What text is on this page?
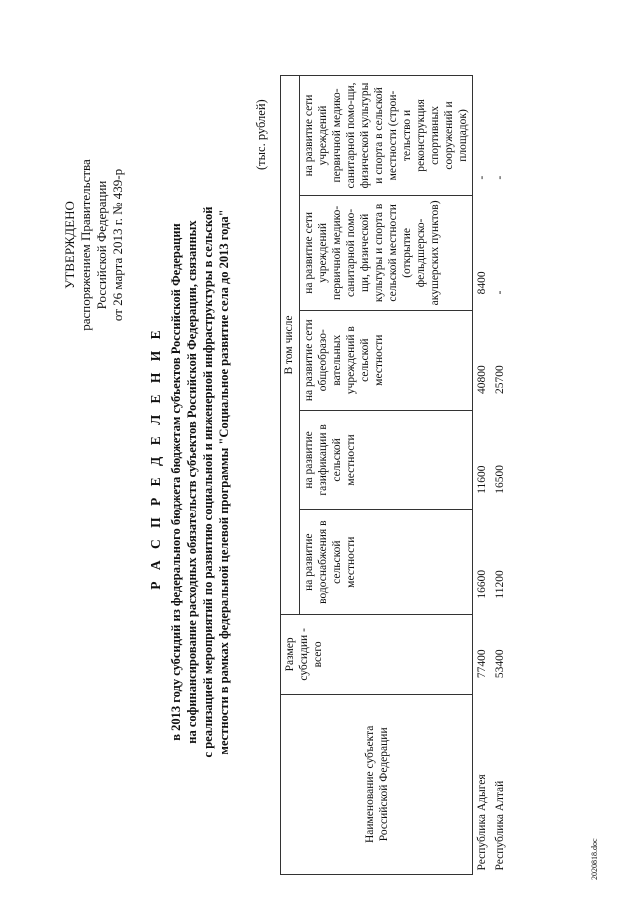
УТВЕРЖДЕНО распоряжением Правительства Российской Федерации от 26 марта 2013 г. № 439-р
Р А С П Р Е Д Е Л Е Н И Е в 2013 году субсидий из федерального бюджета бюджетам субъектов Российской Федерации на софинансирование расходных обязательств субъектов Российской Федерации, связанных с реализацией мероприятий по развитию социальной и инженерной инфраструктуры в сельской местности в рамках федеральной целевой программы "Социальное развитие села до 2013 года"
(тыс. рублей)
Наименование субъекта Российской Федерации	Размер субсидии - всего	В том числе				
		на развитие водоснабжения в сельской местности	на развитие газификации в сельской местности	на развитие сети общеобразо-вательных учреждений в сельской местности	на развитие сети учреждений первичной медико-санитарной помо-щи, физической культуры и спорта в сельской местности (открытие фельдшерско-акушерских пунктов)	на развитие сети учреждений первичной медико-санитарной помо-щи, физической культуры и спорта в сельской местности (строи-тельство и реконструкция спортивных сооружений и площадок)
Республика Адыгея	77400	16600	11600	40800	8400	-
Республика Алтай	53400	11200	16500	25700	-	-
2020818.doc
